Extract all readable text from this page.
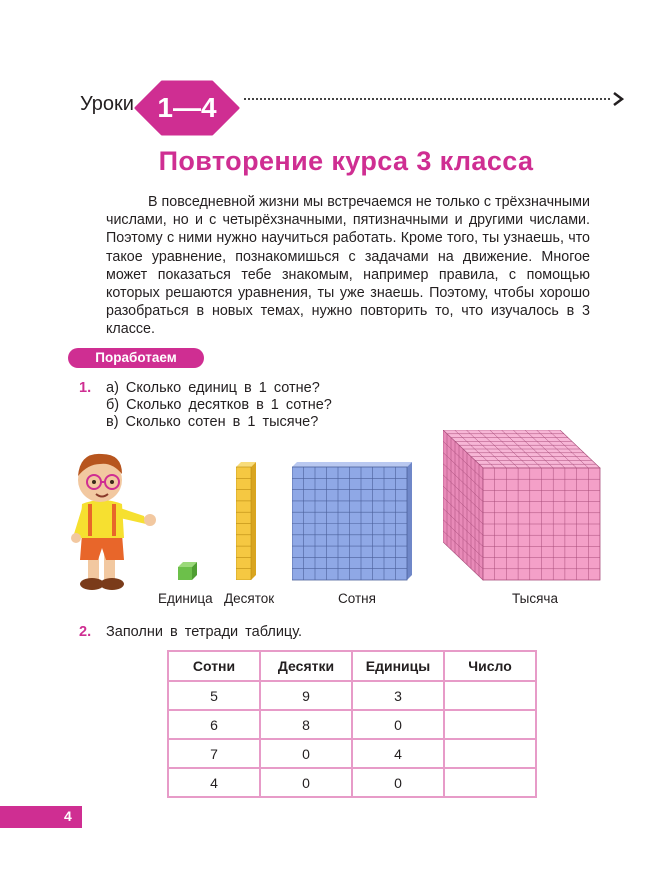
Уроки 1—4
Повторение курса 3 класса

В повседневной жизни мы встречаемся не только с трёхзначными числами, но и с четырёхзначными, пятизначными и другими числами. Поэтому с ними нужно научиться работать. Кроме того, ты узнаешь, что такое уравнение, познакомишься с задачами на движение. Многое может показаться тебе знакомым, например правила, с помощью которых решаются уравнения, ты уже знаешь. Поэтому, чтобы хорошо разобраться в новых темах, нужно повторить то, что изучалось в 3 классе.

Поработаем
1. а) Сколько единиц в 1 сотне?
б) Сколько десятков в 1 сотне?
в) Сколько сотен в 1 тысяче?
Единица Десяток	Сотня	Тысяча
2. Заполни в тетради таблицу.
Сотни	Десятки	Единицы	Число
5	9	3	
6	8	0	
7	0	4	
4	0	0	
4
